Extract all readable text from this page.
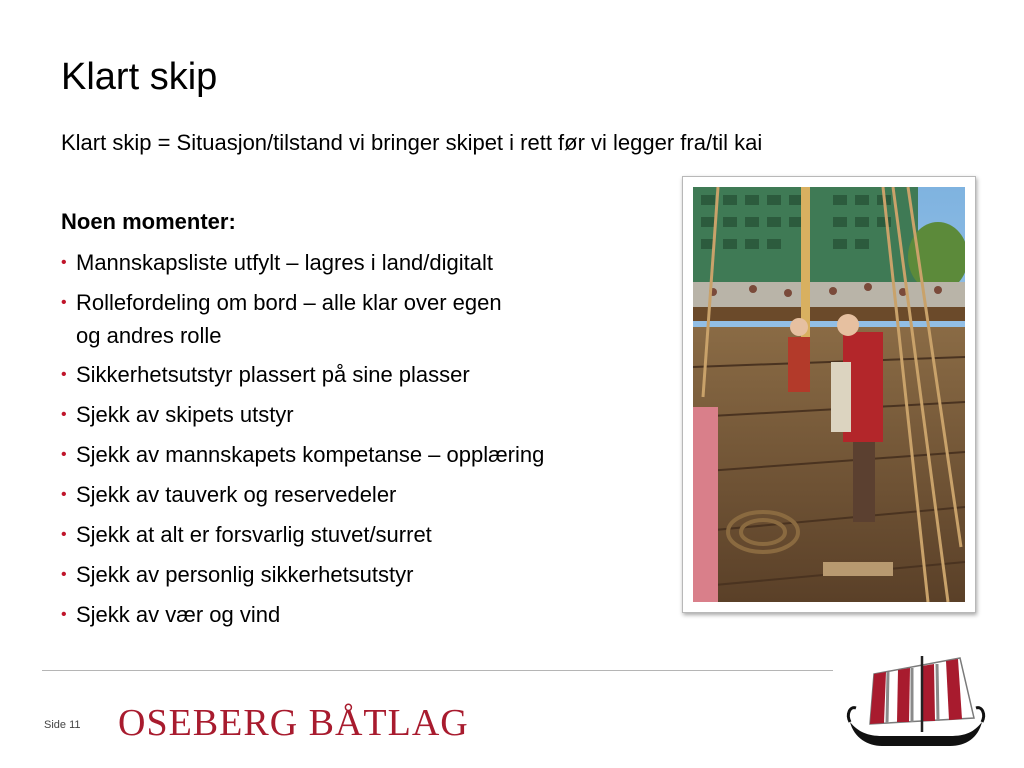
Klart skip

Klart skip = Situasjon/tilstand vi bringer skipet i rett før vi legger fra/til kai

Noen momenter:

• Mannskapsliste utfylt – lagres i land/digitalt
• Rollefordeling om bord – alle klar over egen
og andres rolle
• Sikkerhetsutstyr plassert på sine plasser
• Sjekk av skipets utstyr
• Sjekk av mannskapets kompetanse – opplæring
• Sjekk av tauverk og reservedeler
• Sjekk at alt er forsvarlig stuvet/surret
• Sjekk av personlig sikkerhetsutstyr
• Sjekk av vær og vind
Side 11 OSEBERG BÅTLAG
